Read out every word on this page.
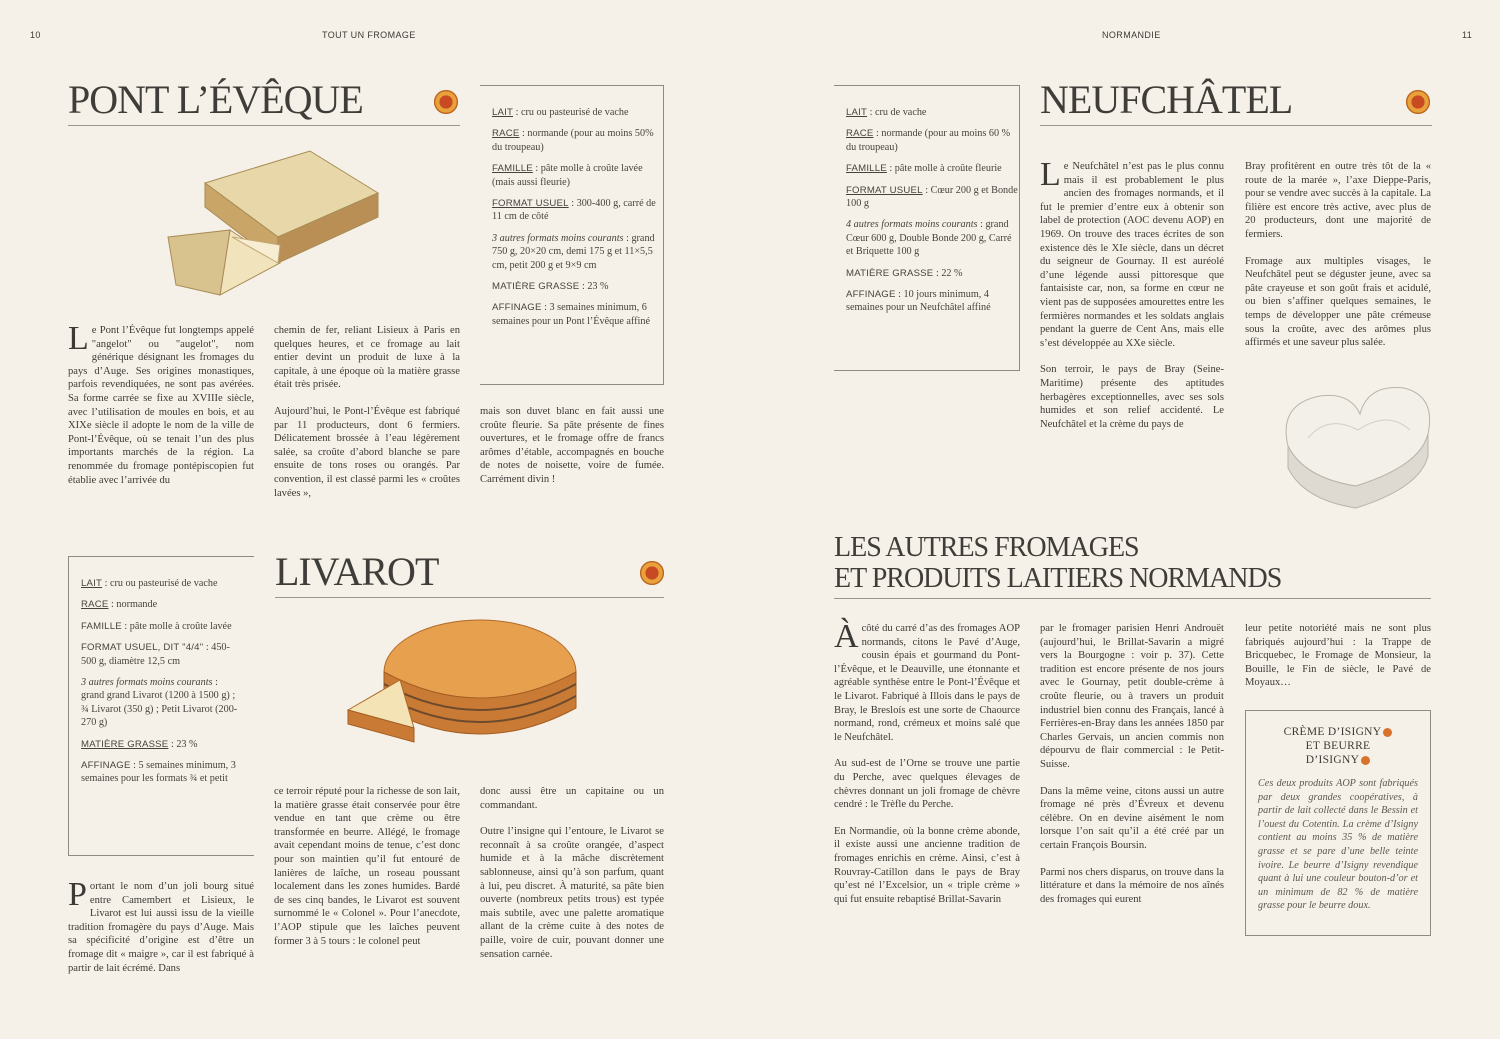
10	TOUT UN FROMAGE	NORMANDIE	11
PONT L’ÉVÊQUE	LAIT : cru ou pasteurisé de vache
RACE : normande (pour au moins 50% du troupeau)
FAMILLE : pâte molle à croûte lavée (mais aussi fleurie)
FORMAT USUEL : 300-400 g, carré de 11 cm de côté
3 autres formats moins courants : grand 750 g, 20×20 cm, demi 175 g et 11×5,5 cm, petit 200 g et 9×9 cm
MATIÈRE GRASSE : 23 %
AFFINAGE : 3 semaines minimum, 6 semaines pour un Pont l’Évêque affiné

Le Pont l’Évêque fut longtemps appelé "angelot" ou "augelot", nom générique désignant les fromages du pays d’Auge. Ses origines monastiques, parfois revendiquées, ne sont pas avérées. Sa forme carrée se fixe au XVIIIe siècle, avec l’utilisation de moules en bois, et au XIXe siècle il adopte le nom de la ville de Pont-l’Évêque, où se tenait l’un des plus importants marchés de la région. La renommée du fromage pontépiscopien fut établie avec l’arrivée du

chemin de fer, reliant Lisieux à Paris en quelques heures, et ce fromage au lait entier devint un produit de luxe à la capitale, à une époque où la matière grasse était très prisée.

Aujourd’hui, le Pont-l’Évêque est fabriqué par 11 producteurs, dont 6 fermiers. Délicatement brossée à l’eau légèrement salée, sa croûte d’abord blanche se pare ensuite de tons roses ou orangés. Par convention, il est classé parmi les « croûtes lavées »,

mais son duvet blanc en fait aussi une croûte fleurie. Sa pâte présente de fines ouvertures, et le fromage offre de francs arômes d’étable, accompagnés en bouche de notes de noisette, voire de fumée. Carrément divin !

LAIT : cru ou pasteurisé de vache
RACE : normande
FAMILLE : pâte molle à croûte lavée
FORMAT USUEL, DIT "4/4" : 450-500 g, diamètre 12,5 cm
3 autres formats moins courants : grand grand Livarot (1200 à 1500 g) ; ¾ Livarot (350 g) ; Petit Livarot (200-270 g)
MATIÈRE GRASSE : 23 %
AFFINAGE : 5 semaines minimum, 3 semaines pour les formats ¾ et petit
LIVAROT

Portant le nom d’un joli bourg situé entre Camembert et Lisieux, le Livarot est lui aussi issu de la vieille tradition fromagère du pays d’Auge. Mais sa spécificité d’origine est d’être un fromage dit « maigre », car il est fabriqué à partir de lait écrémé. Dans

ce terroir réputé pour la richesse de son lait, la matière grasse était conservée pour être vendue en tant que crème ou être transformée en beurre. Allégé, le fromage avait cependant moins de tenue, c’est donc pour son maintien qu’il fut entouré de lanières de laîche, un roseau poussant localement dans les zones humides. Bardé de ses cinq bandes, le Livarot est souvent surnommé le « Colonel ». Pour l’anecdote, l’AOP stipule que les laîches peuvent former 3 à 5 tours : le colonel peut

donc aussi être un capitaine ou un commandant.

Outre l’insigne qui l’entoure, le Livarot se reconnaît à sa croûte orangée, d’aspect humide et à la mâche discrètement sablonneuse, ainsi qu’à son parfum, quant à lui, peu discret. À maturité, sa pâte bien ouverte (nombreux petits trous) est typée mais subtile, avec une palette aromatique allant de la crème cuite à des notes de paille, voire de cuir, pouvant donner une sensation carnée.

LAIT : cru de vache
RACE : normande (pour au moins 60 % du troupeau)
FAMILLE : pâte molle à croûte fleurie
FORMAT USUEL : Cœur 200 g et Bonde 100 g
4 autres formats moins courants : grand Cœur 600 g, Double Bonde 200 g, Carré et Briquette 100 g
MATIÈRE GRASSE : 22 %
AFFINAGE : 10 jours minimum, 4 semaines pour un Neufchâtel affiné
NEUFCHÂTEL

Le Neufchâtel n’est pas le plus connu mais il est probablement le plus ancien des fromages normands, et il fut le premier d’entre eux à obtenir son label de protection (AOC devenu AOP) en 1969. On trouve des traces écrites de son existence dès le XIe siècle, dans un décret du seigneur de Gournay. Il est auréolé d’une légende aussi pittoresque que fantaisiste car, non, sa forme en cœur ne vient pas de supposées amourettes entre les fermières normandes et les soldats anglais pendant la guerre de Cent Ans, mais elle s’est développée au XXe siècle.

Son terroir, le pays de Bray (Seine-Maritime) présente des aptitudes herbagères exceptionnelles, avec ses sols humides et son relief accidenté. Le Neufchâtel et la crème du pays de

Bray profitèrent en outre très tôt de la « route de la marée », l’axe Dieppe-Paris, pour se vendre avec succès à la capitale. La filière est encore très active, avec plus de 20 producteurs, dont une majorité de fermiers.

Fromage aux multiples visages, le Neufchâtel peut se déguster jeune, avec sa pâte crayeuse et son goût frais et acidulé, ou bien s’affiner quelques semaines, le temps de développer une pâte crémeuse sous la croûte, avec des arômes plus affirmés et une saveur plus salée.

LES AUTRES FROMAGES
ET PRODUITS LAITIERS NORMANDS

À côté du carré d’as des fromages AOP normands, citons le Pavé d’Auge, cousin épais et gourmand du Pont-l’Évêque, et le Deauville, une étonnante et agréable synthèse entre le Pont-l’Évêque et le Livarot. Fabriqué à Illois dans le pays de Bray, le Bresloís est une sorte de Chaource normand, rond, crémeux et moins salé que le Neufchâtel.

Au sud-est de l’Orne se trouve une partie du Perche, avec quelques élevages de chèvres donnant un joli fromage de chèvre cendré : le Trèfle du Perche.

En Normandie, où la bonne crème abonde, il existe aussi une ancienne tradition de fromages enrichis en crème. Ainsi, c’est à Rouvray-Catillon dans le pays de Bray qu’est né l’Excelsior, un « triple crème » qui fut ensuite rebaptisé Brillat-Savarin

par le fromager parisien Henri Androuët (aujourd’hui, le Brillat-Savarin a migré vers la Bourgogne : voir p. 37). Cette tradition est encore présente de nos jours avec le Gournay, petit double-crème à croûte fleurie, ou à travers un produit industriel bien connu des Français, lancé à Ferrières-en-Bray dans les années 1850 par Charles Gervais, un ancien commis non dépourvu de flair commercial : le Petit-Suisse.

Dans la même veine, citons aussi un autre fromage né près d’Évreux et devenu célèbre. On en devine aisément le nom lorsque l’on sait qu’il a été créé par un certain François Boursin.

Parmi nos chers disparus, on trouve dans la littérature et dans la mémoire de nos aînés des fromages qui eurent

leur petite notoriété mais ne sont plus fabriqués aujourd’hui : la Trappe de Bricquebec, le Fromage de Monsieur, la Bouille, le Fin de siècle, le Pavé de Moyaux…

CRÈME D’ISIGNY
ET BEURRE
D’ISIGNY
Ces deux produits AOP sont fabriqués par deux grandes coopératives, à partir de lait collecté dans le Bessin et l’ouest du Cotentin. La crème d’Isigny contient au moins 35 % de matière grasse et se pare d’une belle teinte ivoire. Le beurre d’Isigny revendique quant à lui une couleur bouton-d’or et un minimum de 82 % de matière grasse pour le beurre doux.
